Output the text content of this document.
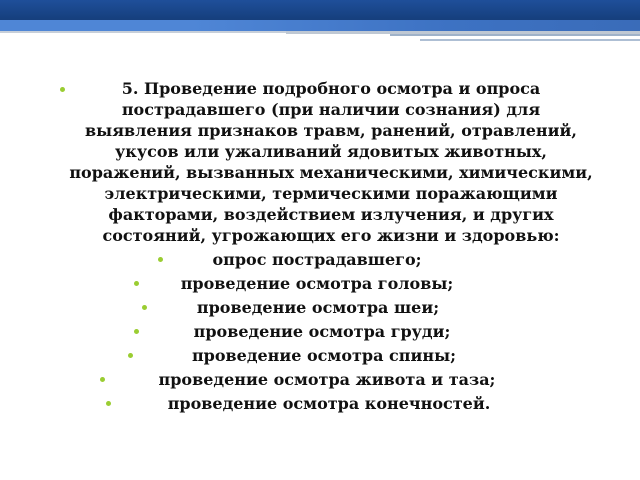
5. Проведение подробного осмотра и опроса пострадавшего (при наличии сознания) для выявления признаков травм, ранений, отравлений, укусов или ужаливаний ядовитых животных, поражений, вызванных механическими, химическими, электрическими, термическими поражающими факторами, воздействием излучения, и других состояний, угрожающих его жизни и здоровью:
опрос пострадавшего;
проведение осмотра головы;
проведение осмотра шеи;
проведение осмотра груди;
проведение осмотра спины;
проведение осмотра живота и таза;
проведение осмотра конечностей.
